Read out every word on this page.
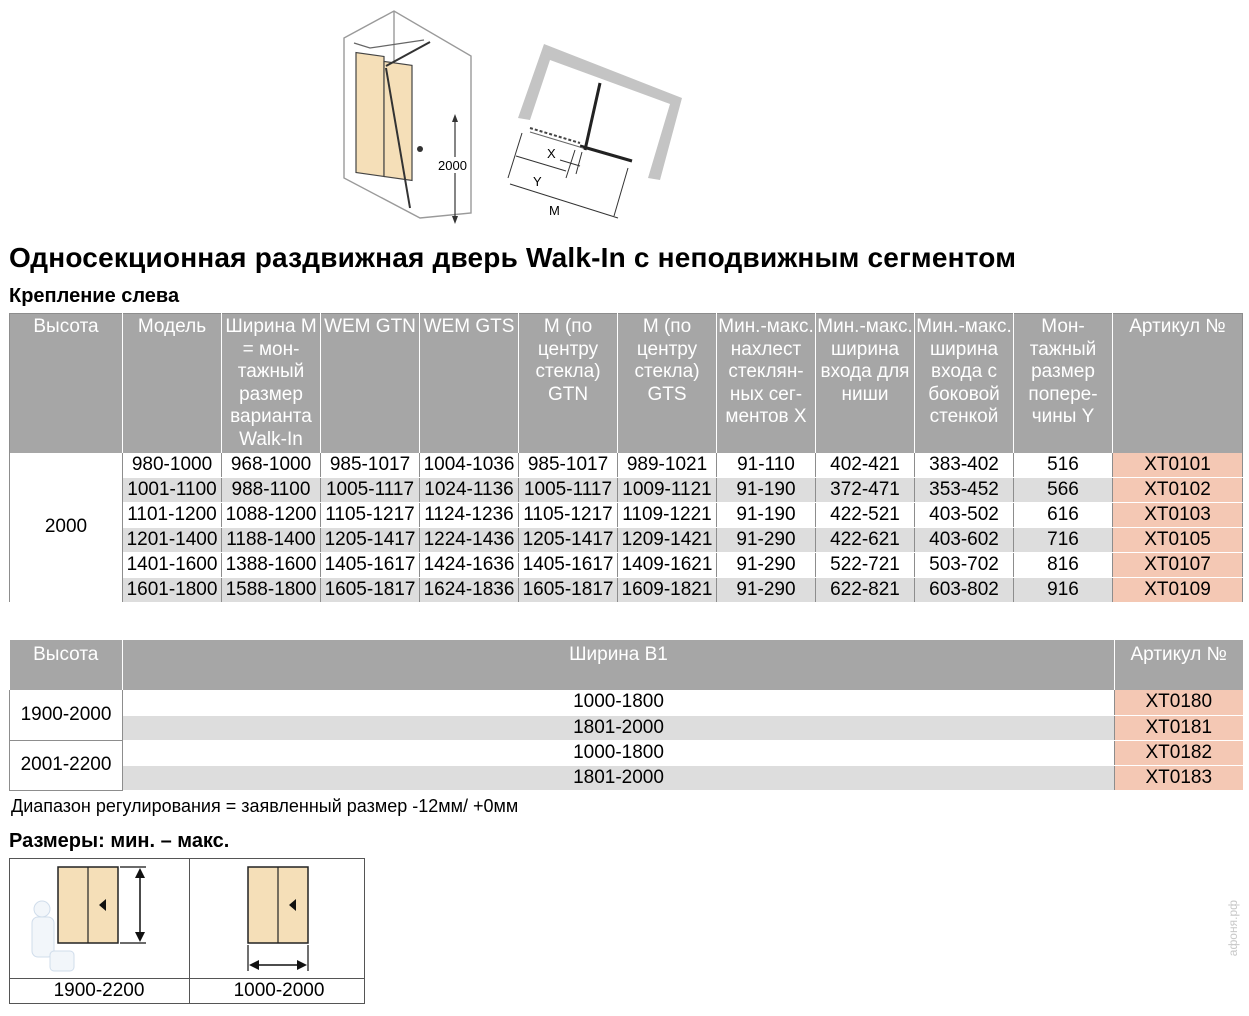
2000
X
Y
M
Односекционная раздвижная дверь Walk-In с неподвижным сегментом
Крепление слева
Высота	Модель	Ширина M = мон-тажный размер варианта Walk-In	WEM GTN	WEM GTS	M (по центру стекла) GTN	M (по центру стекла) GTS	Мин.-макс. нахлест стеклян-ных сег-ментов X	Мин.-макс. ширина входа для ниши	Мин.-макс. ширина входа с боковой стенкой	Мон-тажный размер попере-чины Y	Артикул №
2000	980-1000	968-1000	985-1017	1004-1036	985-1017	989-1021	91-110	402-421	383-402	516	XT0101
	1001-1100	988-1100	1005-1117	1024-1136	1005-1117	1009-1121	91-190	372-471	353-452	566	XT0102
	1101-1200	1088-1200	1105-1217	1124-1236	1105-1217	1109-1221	91-190	422-521	403-502	616	XT0103
	1201-1400	1188-1400	1205-1417	1224-1436	1205-1417	1209-1421	91-290	422-621	403-602	716	XT0105
	1401-1600	1388-1600	1405-1617	1424-1636	1405-1617	1409-1621	91-290	522-721	503-702	816	XT0107
	1601-1800	1588-1800	1605-1817	1624-1836	1605-1817	1609-1821	91-290	622-821	603-802	916	XT0109
Высота	Ширина B1	Артикул №
1900-2000	1000-1800	XT0180
	1801-2000	XT0181
2001-2200	1000-1800	XT0182
	1801-2000	XT0183
Диапазон регулирования = заявленный размер -12мм/ +0мм
Размеры: мин. – макс.
1900-2200	1000-2000
афоня.рф
